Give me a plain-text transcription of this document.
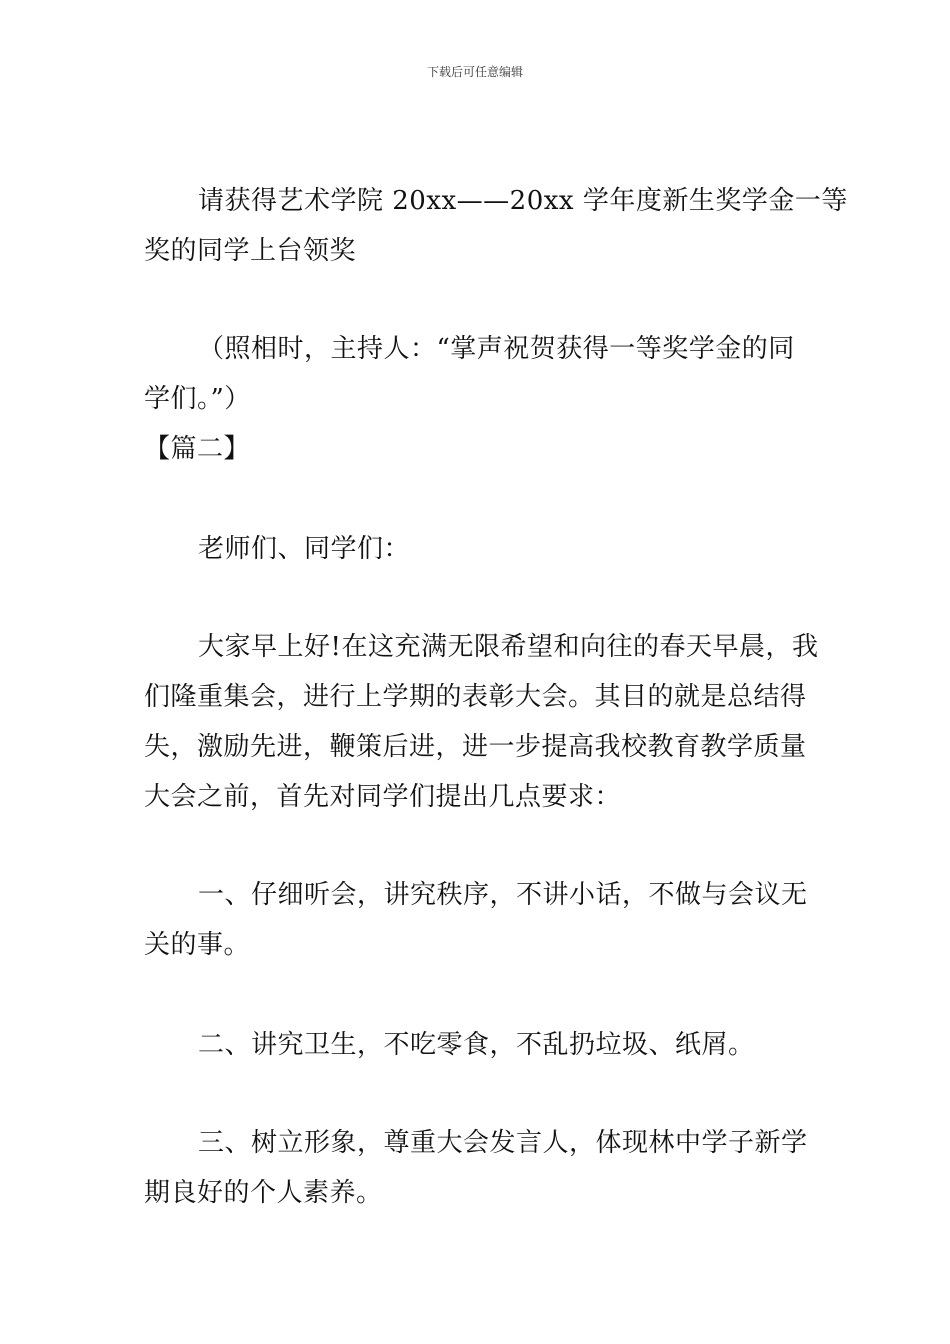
下载后可任意编辑
请获得艺术学院 20xx——20xx 学年度新生奖学金一等
奖的同学上台领奖
（照相时，主持人：“掌声祝贺获得一等奖学金的同
学们。”）
【篇二】
老师们、同学们：
大家早上好!在这充满无限希望和向往的春天早晨，我
们隆重集会，进行上学期的表彰大会。其目的就是总结得
失，激励先进，鞭策后进，进一步提高我校教育教学质量
大会之前，首先对同学们提出几点要求：
一、仔细听会，讲究秩序，不讲小话，不做与会议无
关的事。
二、讲究卫生，不吃零食，不乱扔垃圾、纸屑。
三、树立形象，尊重大会发言人，体现林中学子新学
期良好的个人素养。
